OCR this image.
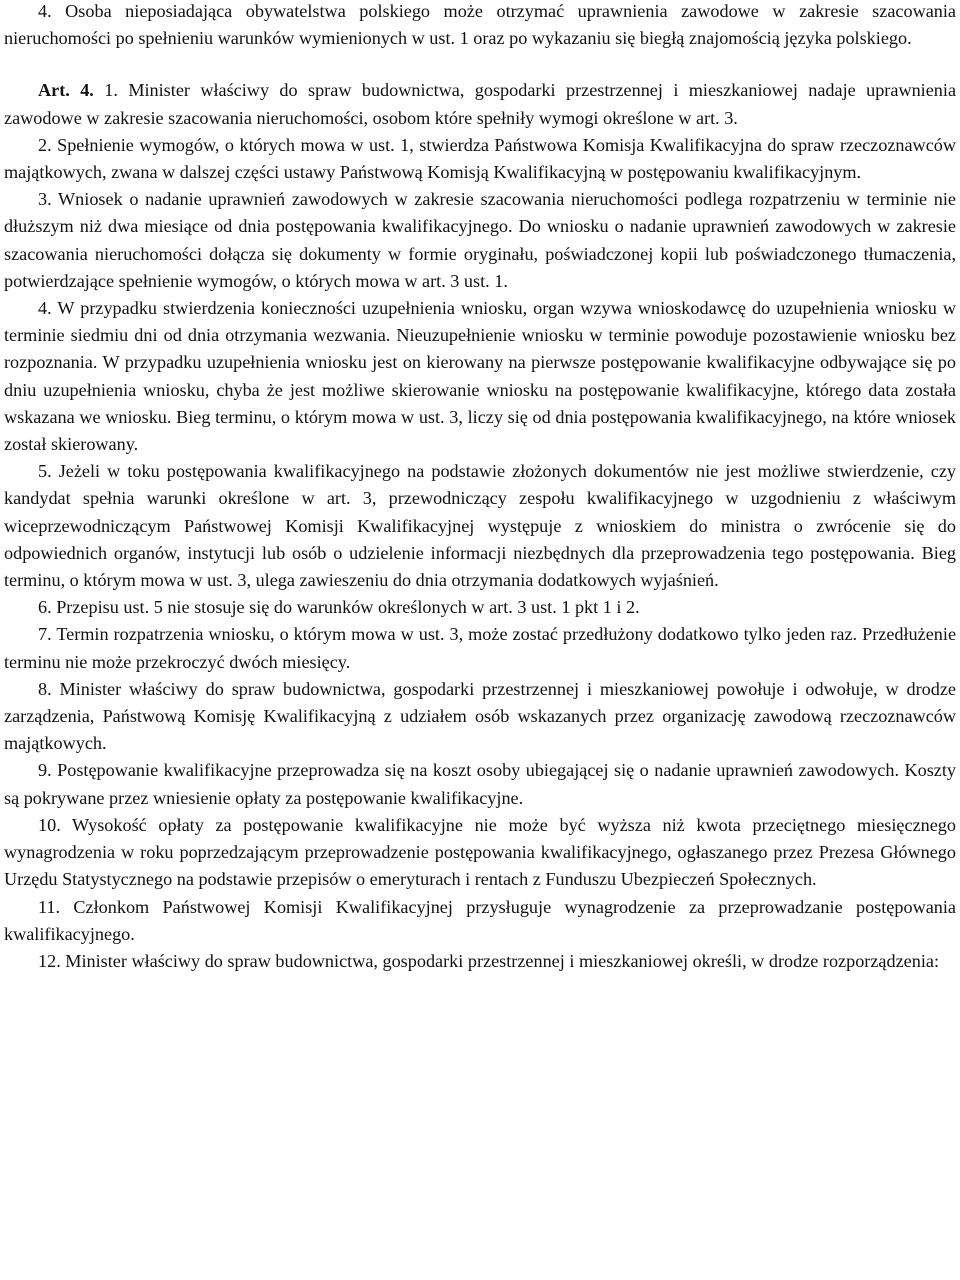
4. Osoba nieposiadająca obywatelstwa polskiego może otrzymać uprawnienia zawodowe w zakresie szacowania nieruchomości po spełnieniu warunków wymienionych w ust. 1 oraz po wykazaniu się biegłą znajomością języka polskiego.

Art. 4. 1. Minister właściwy do spraw budownictwa, gospodarki przestrzennej i mieszkaniowej nadaje uprawnienia zawodowe w zakresie szacowania nieruchomości, osobom które spełniły wymogi określone w art. 3.

2. Spełnienie wymogów, o których mowa w ust. 1, stwierdza Państwowa Komisja Kwalifikacyjna do spraw rzeczoznawców majątkowych, zwana w dalszej części ustawy Państwową Komisją Kwalifikacyjną w postępowaniu kwalifikacyjnym.

3. Wniosek o nadanie uprawnień zawodowych w zakresie szacowania nieruchomości podlega rozpatrzeniu w terminie nie dłuższym niż dwa miesiące od dnia postępowania kwalifikacyjnego. Do wniosku o nadanie uprawnień zawodowych w zakresie szacowania nieruchomości dołącza się dokumenty w formie oryginału, poświadczonej kopii lub poświadczonego tłumaczenia, potwierdzające spełnienie wymogów, o których mowa w art. 3 ust. 1.

4. W przypadku stwierdzenia konieczności uzupełnienia wniosku, organ wzywa wnioskodawcę do uzupełnienia wniosku w terminie siedmiu dni od dnia otrzymania wezwania. Nieuzupełnienie wniosku w terminie powoduje pozostawienie wniosku bez rozpoznania. W przypadku uzupełnienia wniosku jest on kierowany na pierwsze postępowanie kwalifikacyjne odbywające się po dniu uzupełnienia wniosku, chyba że jest możliwe skierowanie wniosku na postępowanie kwalifikacyjne, którego data została wskazana we wniosku. Bieg terminu, o którym mowa w ust. 3, liczy się od dnia postępowania kwalifikacyjnego, na które wniosek został skierowany.

5. Jeżeli w toku postępowania kwalifikacyjnego na podstawie złożonych dokumentów nie jest możliwe stwierdzenie, czy kandydat spełnia warunki określone w art. 3, przewodniczący zespołu kwalifikacyjnego w uzgodnieniu z właściwym wiceprzewodniczącym Państwowej Komisji Kwalifikacyjnej występuje z wnioskiem do ministra o zwrócenie się do odpowiednich organów, instytucji lub osób o udzielenie informacji niezbędnych dla przeprowadzenia tego postępowania. Bieg terminu, o którym mowa w ust. 3, ulega zawieszeniu do dnia otrzymania dodatkowych wyjaśnień.

6. Przepisu ust. 5 nie stosuje się do warunków określonych w art. 3 ust. 1 pkt 1 i 2.

7. Termin rozpatrzenia wniosku, o którym mowa w ust. 3, może zostać przedłużony dodatkowo tylko jeden raz. Przedłużenie terminu nie może przekroczyć dwóch miesięcy.

8. Minister właściwy do spraw budownictwa, gospodarki przestrzennej i mieszkaniowej powołuje i odwołuje, w drodze zarządzenia, Państwową Komisję Kwalifikacyjną z udziałem osób wskazanych przez organizację zawodową rzeczoznawców majątkowych.

9. Postępowanie kwalifikacyjne przeprowadza się na koszt osoby ubiegającej się o nadanie uprawnień zawodowych. Koszty są pokrywane przez wniesienie opłaty za postępowanie kwalifikacyjne.

10. Wysokość opłaty za postępowanie kwalifikacyjne nie może być wyższa niż kwota przeciętnego miesięcznego wynagrodzenia w roku poprzedzającym przeprowadzenie postępowania kwalifikacyjnego, ogłaszanego przez Prezesa Głównego Urzędu Statystycznego na podstawie przepisów o emeryturach i rentach z Funduszu Ubezpieczeń Społecznych.

11. Członkom Państwowej Komisji Kwalifikacyjnej przysługuje wynagrodzenie za przeprowadzanie postępowania kwalifikacyjnego.

12. Minister właściwy do spraw budownictwa, gospodarki przestrzennej i mieszkaniowej określi, w drodze rozporządzenia:
